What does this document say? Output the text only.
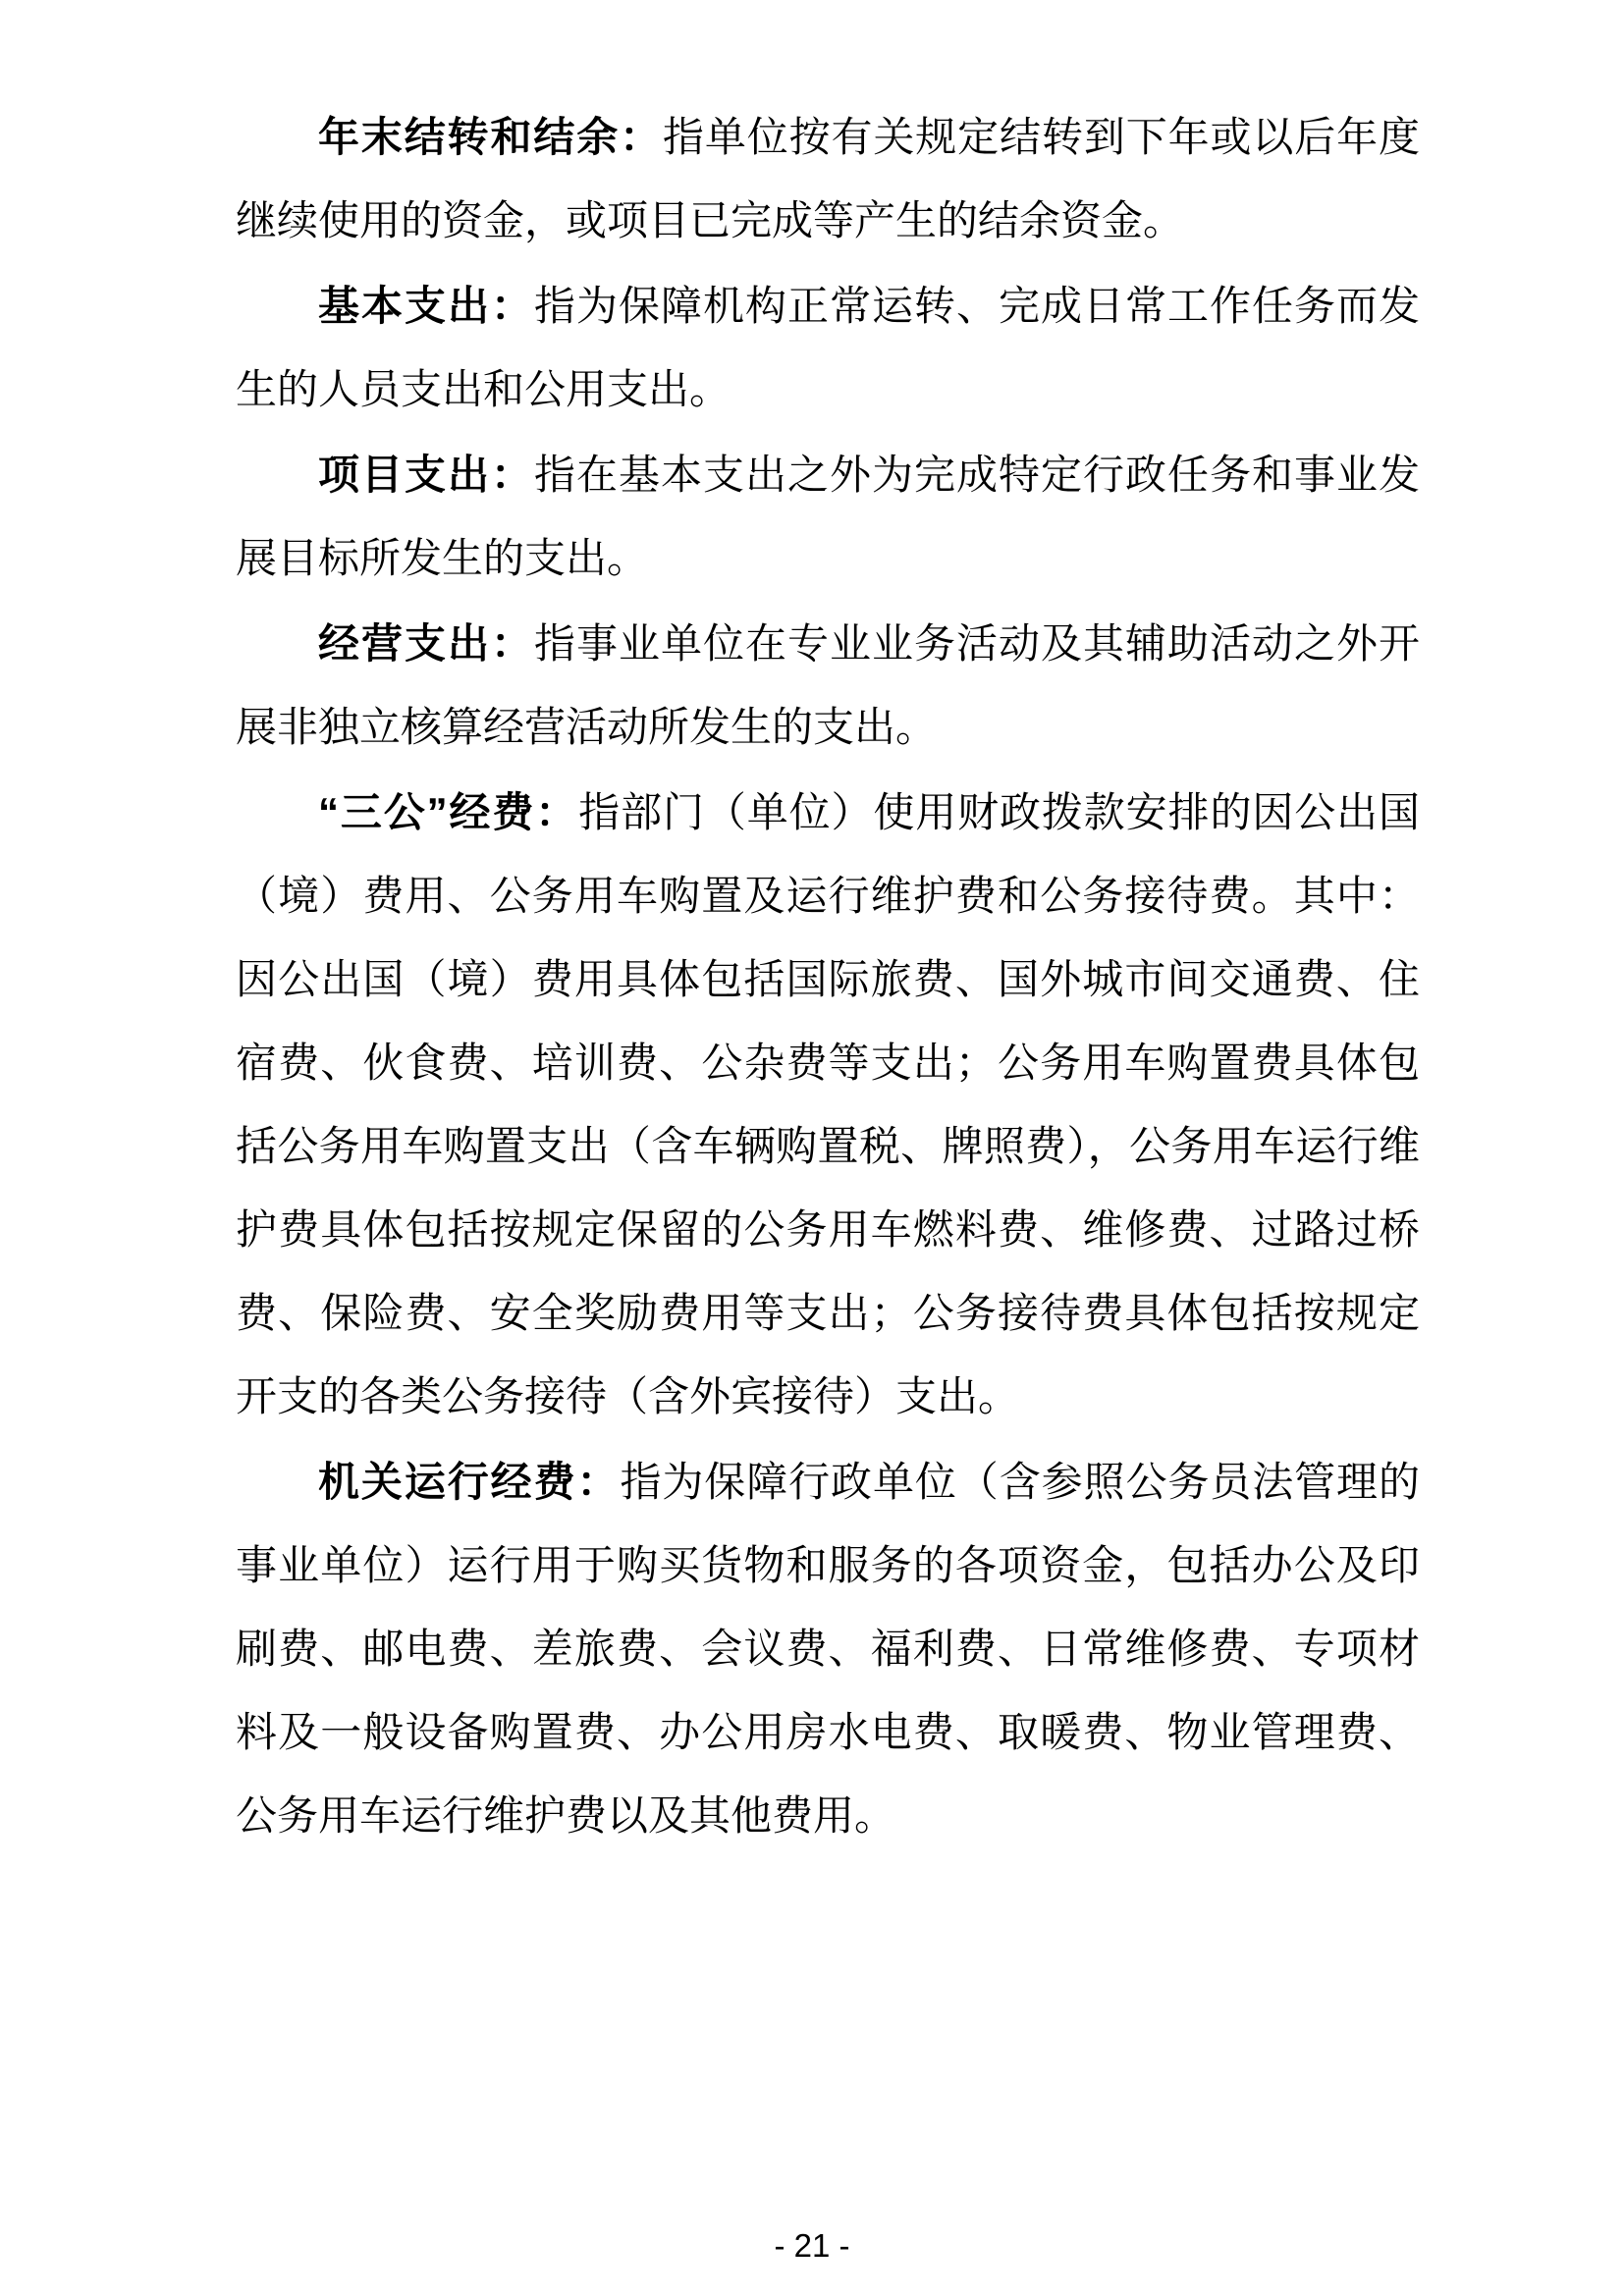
年末结转和结余：指单位按有关规定结转到下年或以后年度继续使用的资金，或项目已完成等产生的结余资金。

基本支出：指为保障机构正常运转、完成日常工作任务而发生的人员支出和公用支出。

项目支出：指在基本支出之外为完成特定行政任务和事业发展目标所发生的支出。

经营支出：指事业单位在专业业务活动及其辅助活动之外开展非独立核算经营活动所发生的支出。

“三公”经费：指部门（单位）使用财政拨款安排的因公出国（境）费用、公务用车购置及运行维护费和公务接待费。其中：因公出国（境）费用具体包括国际旅费、国外城市间交通费、住宿费、伙食费、培训费、公杂费等支出；公务用车购置费具体包括公务用车购置支出（含车辆购置税、牌照费），公务用车运行维护费具体包括按规定保留的公务用车燃料费、维修费、过路过桥费、保险费、安全奖励费用等支出；公务接待费具体包括按规定开支的各类公务接待（含外宾接待）支出。

机关运行经费：指为保障行政单位（含参照公务员法管理的事业单位）运行用于购买货物和服务的各项资金，包括办公及印刷费、邮电费、差旅费、会议费、福利费、日常维修费、专项材料及一般设备购置费、办公用房水电费、取暖费、物业管理费、公务用车运行维护费以及其他费用。

- 21 -
